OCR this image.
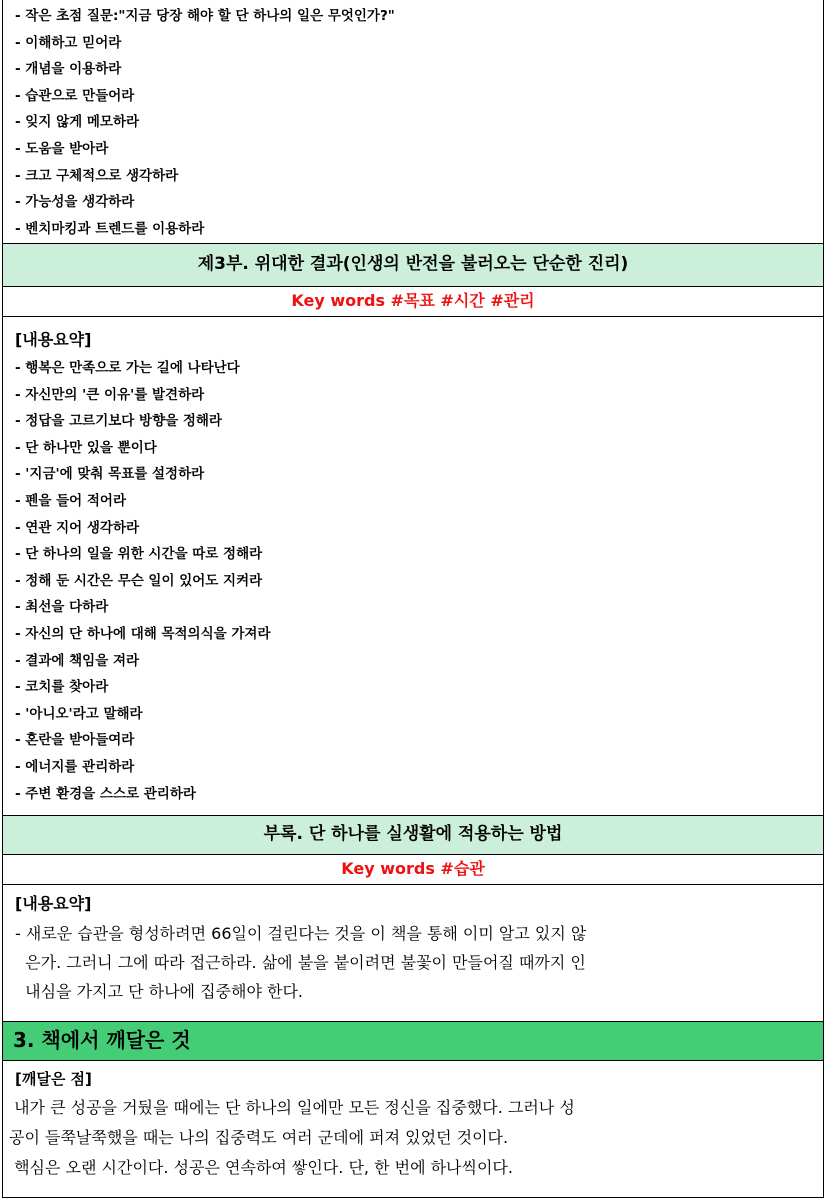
- 작은 초점 질문:"지금 당장 해야 할 단 하나의 일은 무엇인가?"
- 이해하고 믿어라
- 개념을 이용하라
- 습관으로 만들어라
- 잊지 않게 메모하라
- 도움을 받아라
- 크고 구체적으로 생각하라
- 가능성을 생각하라
- 벤치마킹과 트렌드를 이용하라
제3부. 위대한 결과(인생의 반전을 불러오는 단순한 진리)
Key words #목표 #시간 #관리
[내용요약]
- 행복은 만족으로 가는 길에 나타난다
- 자신만의 '큰 이유'를 발견하라
- 정답을 고르기보다 방향을 정해라
- 단 하나만 있을 뿐이다
- '지금'에 맞춰 목표를 설정하라
- 펜을 들어 적어라
- 연관 지어 생각하라
- 단 하나의 일을 위한 시간을 따로 정해라
- 정해 둔 시간은 무슨 일이 있어도 지켜라
- 최선을 다하라
- 자신의 단 하나에 대해 목적의식을 가져라
- 결과에 책임을 져라
- 코치를 찾아라
- '아니오'라고 말해라
- 혼란을 받아들여라
- 에너지를 관리하라
- 주변 환경을 스스로 관리하라
부록. 단 하나를 실생활에 적용하는 방법
Key words #습관
[내용요약]
- 새로운 습관을 형성하려면 66일이 걸린다는 것을 이 책을 통해 이미 알고 있지 않
은가. 그러니 그에 따라 접근하라. 삶에 불을 붙이려면 불꽃이 만들어질 때까지 인
내심을 가지고 단 하나에 집중해야 한다.
3. 책에서 깨달은 것
[깨달은 점]
내가 큰 성공을 거뒀을 때에는 단 하나의 일에만 모든 정신을 집중했다. 그러나 성
공이 들쭉날쭉했을 때는 나의 집중력도 여러 군데에 퍼져 있었던 것이다.
핵심은 오랜 시간이다. 성공은 연속하여 쌓인다. 단, 한 번에 하나씩이다.
